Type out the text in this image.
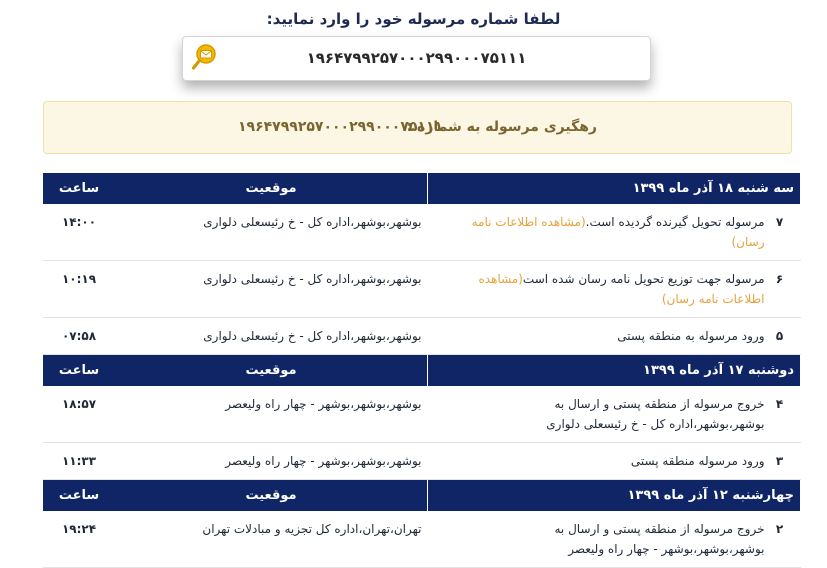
لطفا شماره مرسوله خود را وارد نمایید:
۱۹۶۴۷۹۹۲۵۷۰۰۰۲۹۹۰۰۰۷۵۱۱۱
رهگیری مرسوله به شماره :
۱۹۶۴۷۹۹۲۵۷۰۰۰۲۹۹۰۰۰۷۵۱۱۱
سه شنبه ۱۸ آذر ماه ۱۳۹۹	موقعیت	ساعت

۷
مرسوله تحویل گیرنده گردیده است.(مشاهده اطلاعات نامه رسان)	بوشهر،بوشهر،اداره کل - خ رئیسعلی دلواری	۱۴:۰۰

۶
مرسوله جهت توزیع تحویل نامه رسان شده است(مشاهده اطلاعات نامه رسان)	بوشهر،بوشهر،اداره کل - خ رئیسعلی دلواری	۱۰:۱۹

۵
ورود مرسوله به منطقه پستی	بوشهر،بوشهر،اداره کل - خ رئیسعلی دلواری	۰۷:۵۸
دوشنبه ۱۷ آذر ماه ۱۳۹۹	موقعیت	ساعت

۴
خروج مرسوله از منطقه پستی و ارسال به بوشهر،بوشهر،اداره کل - خ رئیسعلی دلواری	بوشهر،بوشهر،بوشهر - چهار راه ولیعصر	۱۸:۵۷

۳
ورود مرسوله منطقه پستی	بوشهر،بوشهر،بوشهر - چهار راه ولیعصر	۱۱:۳۳
چهارشنبه ۱۲ آذر ماه ۱۳۹۹	موقعیت	ساعت

۲
خروج مرسوله از منطقه پستی و ارسال به بوشهر،بوشهر،بوشهر - چهار راه ولیعصر	تهران،تهران،اداره کل تجزیه و مبادلات تهران	۱۹:۲۴
